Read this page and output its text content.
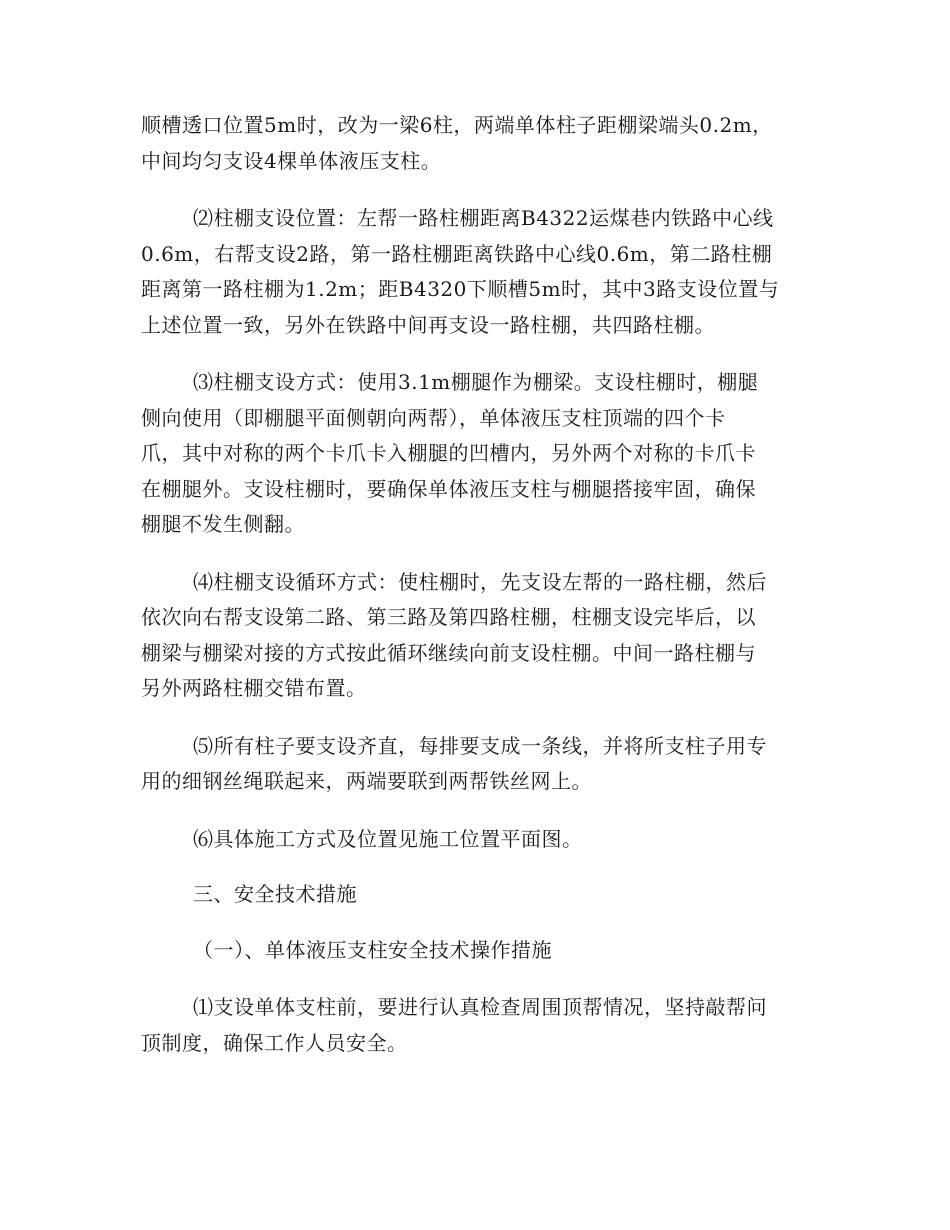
顺槽透口位置5m时，改为一梁6柱，两端单体柱子距棚梁端头0.2m，
中间均匀支设4棵单体液压支柱。

⑵柱棚支设位置：左帮一路柱棚距离B4322运煤巷内铁路中心线
0.6m，右帮支设2路，第一路柱棚距离铁路中心线0.6m，第二路柱棚
距离第一路柱棚为1.2m；距B4320下顺槽5m时，其中3路支设位置与
上述位置一致，另外在铁路中间再支设一路柱棚，共四路柱棚。

⑶柱棚支设方式：使用3.1m棚腿作为棚梁。支设柱棚时，棚腿
侧向使用（即棚腿平面侧朝向两帮），单体液压支柱顶端的四个卡
爪，其中对称的两个卡爪卡入棚腿的凹槽内，另外两个对称的卡爪卡
在棚腿外。支设柱棚时，要确保单体液压支柱与棚腿搭接牢固，确保
棚腿不发生侧翻。

⑷柱棚支设循环方式：使柱棚时，先支设左帮的一路柱棚，然后
依次向右帮支设第二路、第三路及第四路柱棚，柱棚支设完毕后，以
棚梁与棚梁对接的方式按此循环继续向前支设柱棚。中间一路柱棚与
另外两路柱棚交错布置。

⑸所有柱子要支设齐直，每排要支成一条线，并将所支柱子用专
用的细钢丝绳联起来，两端要联到两帮铁丝网上。

⑹具体施工方式及位置见施工位置平面图。

三、安全技术措施

（一）、单体液压支柱安全技术操作措施

⑴支设单体支柱前，要进行认真检查周围顶帮情况，坚持敲帮问
顶制度，确保工作人员安全。
